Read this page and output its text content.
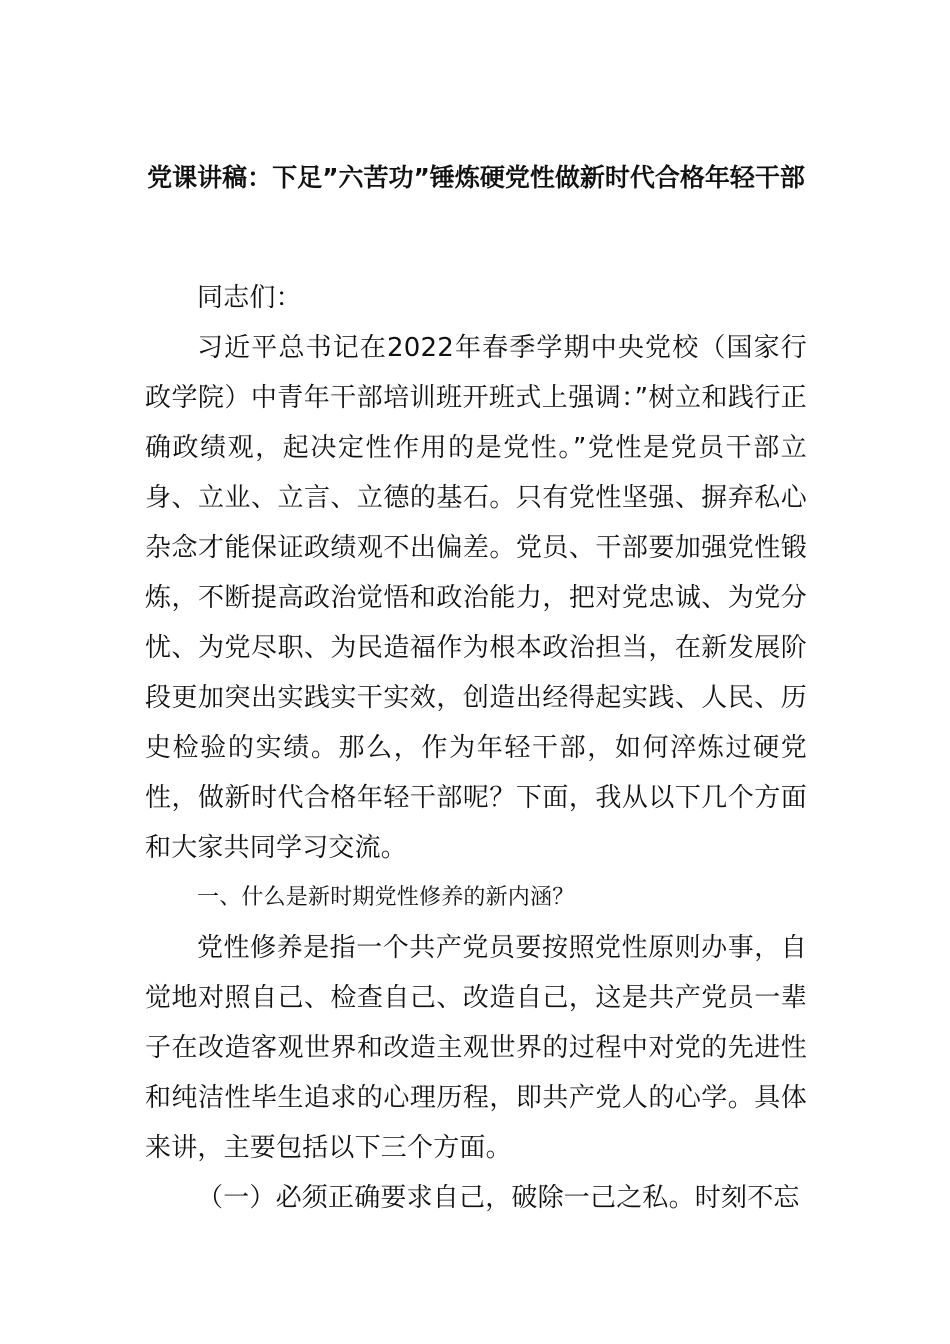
党课讲稿：下足”六苦功”锤炼硬党性做新时代合格年轻干部

同志们：

习近平总书记在2022年春季学期中央党校（国家行政学院）中青年干部培训班开班式上强调：”树立和践行正确政绩观，起决定性作用的是党性。”党性是党员干部立身、立业、立言、立德的基石。只有党性坚强、摒弃私心杂念才能保证政绩观不出偏差。党员、干部要加强党性锻炼，不断提高政治觉悟和政治能力，把对党忠诚、为党分忧、为党尽职、为民造福作为根本政治担当，在新发展阶段更加突出实践实干实效，创造出经得起实践、人民、历史检验的实绩。那么，作为年轻干部，如何淬炼过硬党性，做新时代合格年轻干部呢？下面，我从以下几个方面和大家共同学习交流。

一、什么是新时期党性修养的新内涵？

党性修养是指一个共产党员要按照党性原则办事，自觉地对照自己、检查自己、改造自己，这是共产党员一辈子在改造客观世界和改造主观世界的过程中对党的先进性和纯洁性毕生追求的心理历程，即共产党人的心学。具体来讲，主要包括以下三个方面。

（一）必须正确要求自己，破除一己之私。时刻不忘
